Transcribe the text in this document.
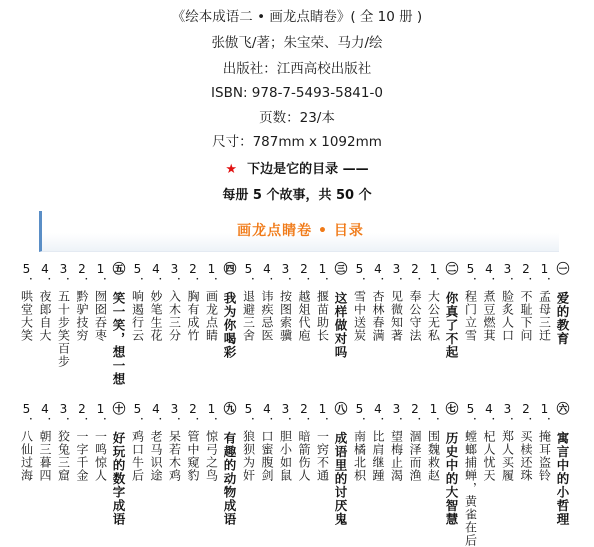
《绘本成语二 • 画龙点睛卷》( 全 10 册 )
张傲飞/著；朱宝荣、马力/绘
出版社：江西高校出版社
ISBN: 978-7-5493-5841-0
页数：23/本
尺寸：787mm x 1092mm
★ 下边是它的目录 ——
每册 5 个故事，共 50 个
画龙点睛卷 • 目录
㊀ 爱的教育
1．孟母三迁
2．不耻下问
3．脸炙人口
4．煮豆燃萁
5．程门立雪
㊁ 你真了不起
1．大公无私
2．奉公守法
3．见微知著
4．杏林春满
5．雪中送炭
㊂ 这样做对吗
1．揠苗助长
2．越俎代庖
3．按图索骥
4．讳疾忌医
5．退避三舍
㊃ 我为你喝彩
1．画龙点睛
2．胸有成竹
3．入木三分
4．妙笔生花
5．响遏行云
㊄ 笑一笑，想一想
1．囫囵吞枣
2．黔驴技穷
3．五十步笑百步
4．夜郎自大
5．哄堂大笑
㊅ 寓言中的小哲理
1．掩耳盗铃
2．买椟还珠
3．郑人买履
4．杞人忧天
5．螳螂捕蝉，黄雀在后
㊆ 历史中的大智慧
1．围魏救赵
2．涸泽而渔
3．望梅止渴
4．比肩继踵
5．南橘北枳
㊇ 成语里的讨厌鬼
1．一窍不通
2．暗箭伤人
3．胆小如鼠
4．口蜜腹剑
5．狼狈为奸
㊈ 有趣的动物成语
1．惊弓之鸟
2．管中窥豹
3．呆若木鸡
4．老马识途
5．鸡口牛后
㊉ 好玩的数字成语
1．一鸣惊人
2．一字千金
3．狡兔三窟
4．朝三暮四
5．八仙过海
